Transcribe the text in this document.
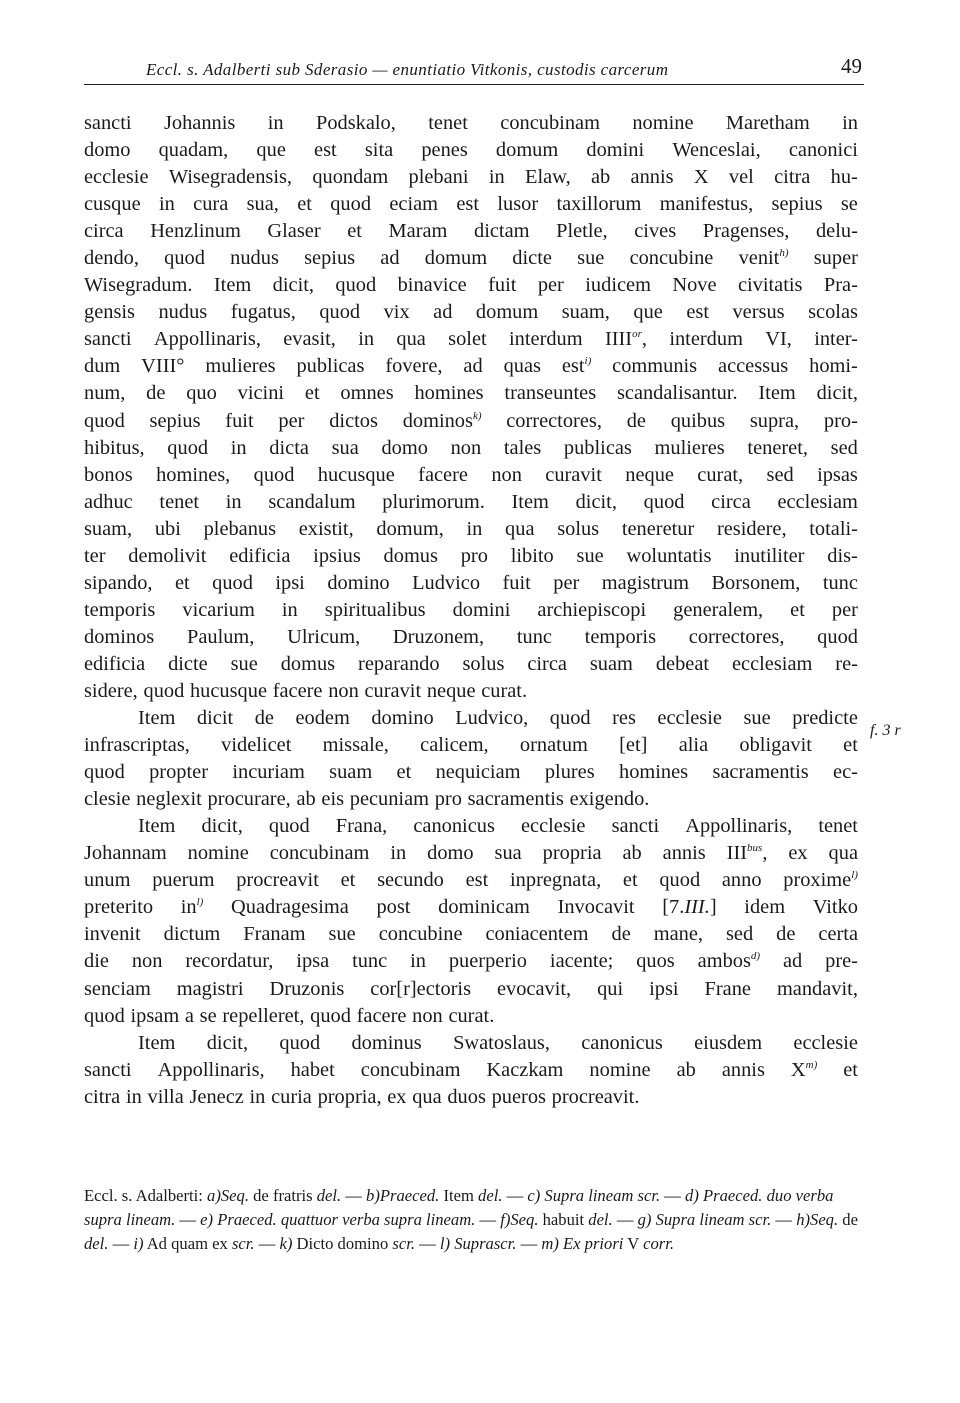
Eccl. s. Adalberti sub Sderasio — enuntiatio Vitkonis, custodis carcerum	49
f. 3 r
sancti Johannis in Podskalo, tenet concubinam nomine Maretham in
domo quadam, que est sita penes domum domini Wenceslai, canonici
ecclesie Wisegradensis, quondam plebani in Elaw, ab annis X vel citra hu-
cusque in cura sua, et quod eciam est lusor taxillorum manifestus, sepius se
circa Henzlinum Glaser et Maram dictam Pletle, cives Pragenses, delu-
dendo, quod nudus sepius ad domum dicte sue concubine venit$^{h)}$ super
Wisegradum. Item dicit, quod binavice fuit per iudicem Nove civitatis Pra-
gensis nudus fugatus, quod vix ad domum suam, que est versus scolas
sancti Appollinaris, evasit, in qua solet interdum $IIII^{or}$, interdum VI, inter-
dum VIII° mulieres publicas fovere, ad quas est$^{i)}$ communis accessus homi-
num, de quo vicini et omnes homines transeuntes scandalisantur. Item dicit,
quod sepius fuit per dictos dominos$^{k)}$ correctores, de quibus supra, pro-
hibitus, quod in dicta sua domo non tales publicas mulieres teneret, sed
bonos homines, quod hucusque facere non curavit neque curat, sed ipsas
adhuc tenet in scandalum plurimorum. Item dicit, quod circa ecclesiam
suam, ubi plebanus existit, domum, in qua solus teneretur residere, totali-
ter demolivit edificia ipsius domus pro libito sue woluntatis inutiliter dis-
sipando, et quod ipsi domino Ludvico fuit per magistrum Borsonem, tunc
temporis vicarium in spiritualibus domini archiepiscopi generalem, et per
dominos Paulum, Ulricum, Druzonem, tunc temporis correctores, quod
edificia dicte sue domus reparando solus circa suam debeat ecclesiam re-
sidere, quod hucusque facere non curavit neque curat.
Item dicit de eodem domino Ludvico, quod res ecclesie sue predicte
infrascriptas, videlicet missale, calicem, ornatum [et] alia obligavit et
quod propter incuriam suam et nequiciam plures homines sacramentis ec-
clesie neglexit procurare, ab eis pecuniam pro sacramentis exigendo.
Item dicit, quod Frana, canonicus ecclesie sancti Appollinaris, tenet
Johannam nomine concubinam in domo sua propria ab annis $III^{bus}$, ex qua
unum puerum procreavit et secundo est inpregnata, et quod anno proxime$^{l)}$
preterito $in^{l)}$ Quadragesima post dominicam Invocavit [7.III.] idem Vitko
invenit dictum Franam sue concubine coniacentem de mane, sed de certa
die non recordatur, ipsa tunc in puerperio iacente; quos ambos$^{d)}$ ad pre-
senciam magistri Druzonis cor[r]ectoris evocavit, qui ipsi Frane mandavit,
quod ipsam a se repelleret, quod facere non curat.
Item dicit, quod dominus Swatoslaus, canonicus eiusdem ecclesie
sancti Appollinaris, habet concubinam Kaczkam nomine ab annis $X^{m)}$ et
citra in villa Jenecz in curia propria, ex qua duos pueros procreavit.
Eccl. s. Adalberti: a)Seq. de fratris del. — b)Praeced. Item del. — c) Supra lineam scr. — d) Praeced. duo verba supra lineam. — e) Praeced. quattuor verba supra lineam. — f)Seq. habuit del. — g) Supra lineam scr. — h)Seq. de del. — i) Ad quam ex scr. — k) Dicto domino scr. — l) Suprascr. — m) Ex priori V corr.
